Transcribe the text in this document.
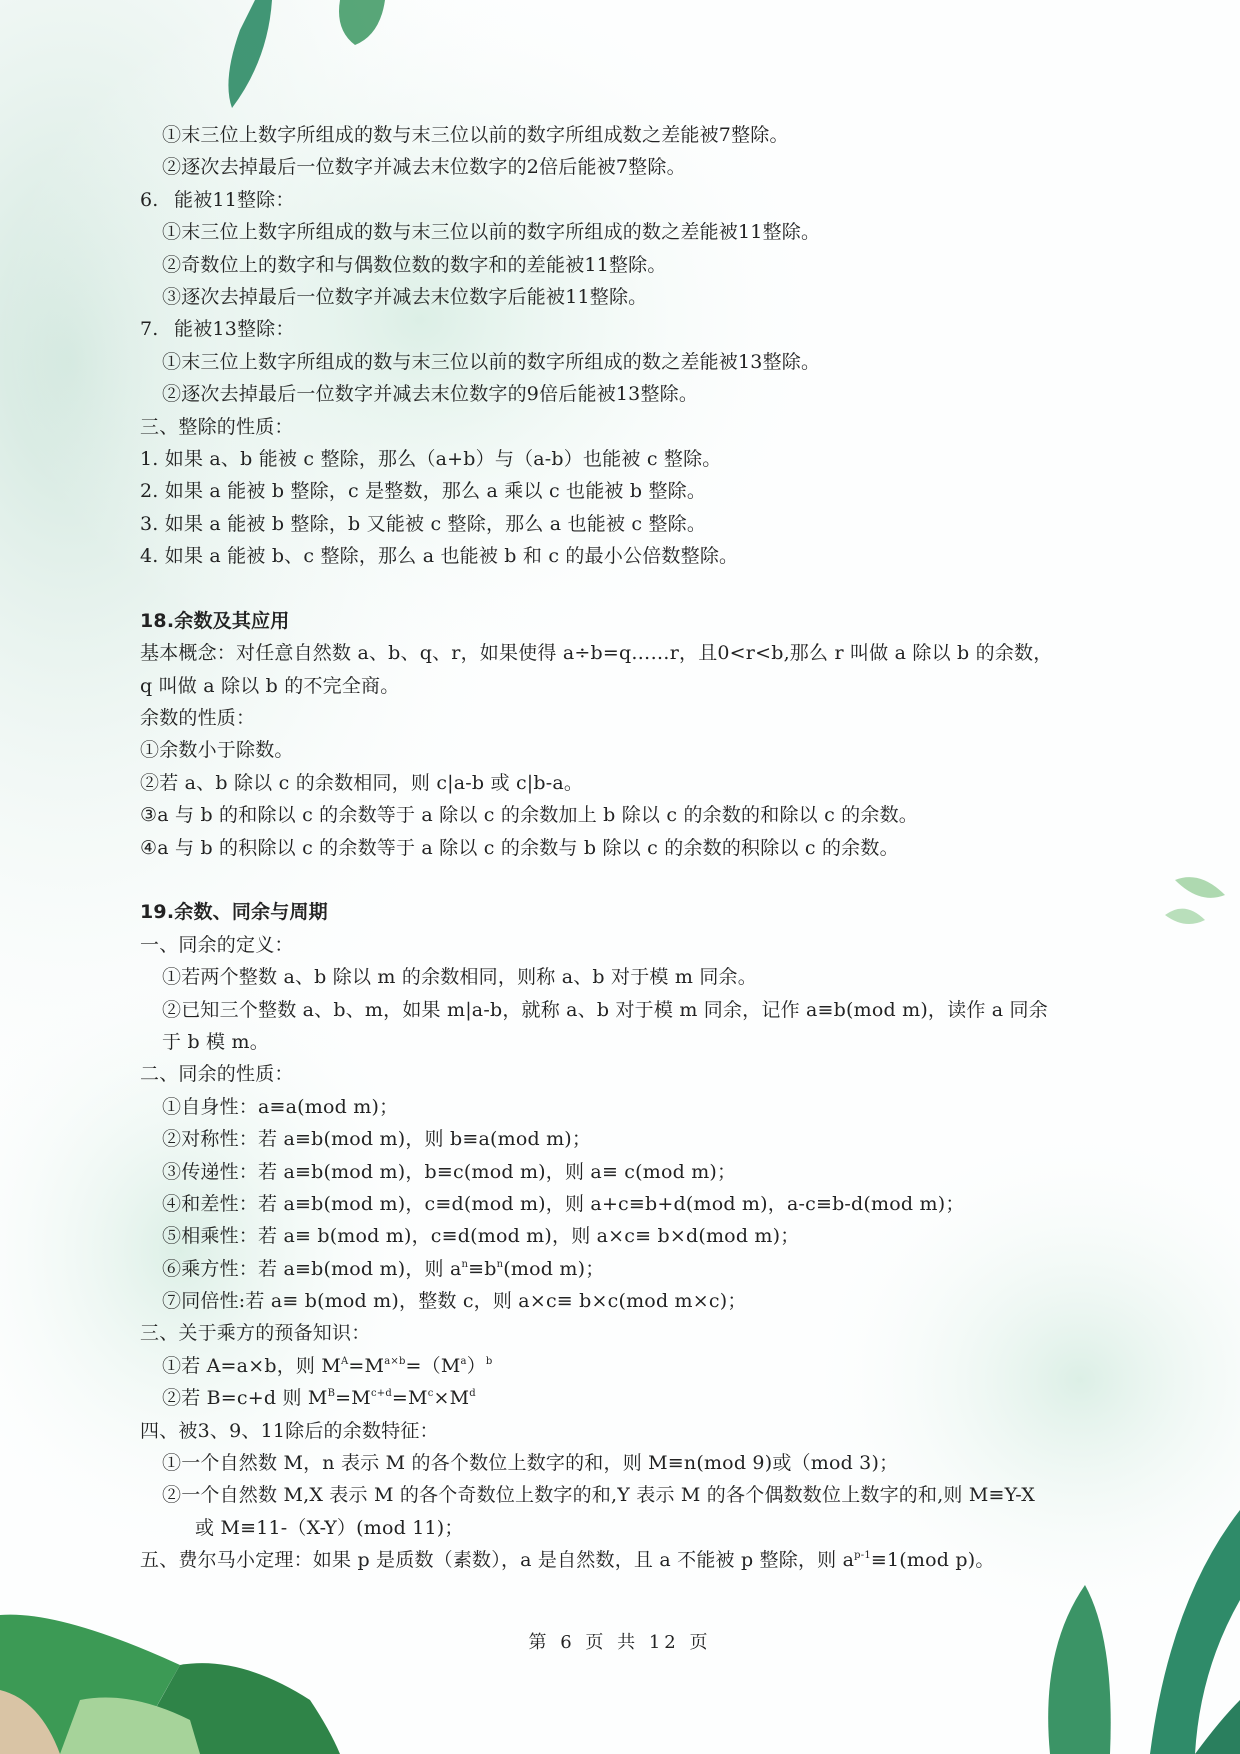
①末三位上数字所组成的数与末三位以前的数字所组成数之差能被7整除。
②逐次去掉最后一位数字并减去末位数字的2倍后能被7整除。
6. 能被11整除：
①末三位上数字所组成的数与末三位以前的数字所组成的数之差能被11整除。
②奇数位上的数字和与偶数位数的数字和的差能被11整除。
③逐次去掉最后一位数字并减去末位数字后能被11整除。
7. 能被13整除：
①末三位上数字所组成的数与末三位以前的数字所组成的数之差能被13整除。
②逐次去掉最后一位数字并减去末位数字的9倍后能被13整除。
三、整除的性质：
1. 如果 a、b 能被 c 整除，那么（a+b）与（a-b）也能被 c 整除。
2. 如果 a 能被 b 整除，c 是整数，那么 a 乘以 c 也能被 b 整除。
3. 如果 a 能被 b 整除，b 又能被 c 整除，那么 a 也能被 c 整除。
4. 如果 a 能被 b、c 整除，那么 a 也能被 b 和 c 的最小公倍数整除。
18.余数及其应用
基本概念：对任意自然数 a、b、q、r，如果使得 a÷b=q……r，且0<r<b,那么 r 叫做 a 除以 b 的余数，
q 叫做 a 除以 b 的不完全商。
余数的性质：
①余数小于除数。
②若 a、b 除以 c 的余数相同，则 c|a-b 或 c|b-a。
③a 与 b 的和除以 c 的余数等于 a 除以 c 的余数加上 b 除以 c 的余数的和除以 c 的余数。
④a 与 b 的积除以 c 的余数等于 a 除以 c 的余数与 b 除以 c 的余数的积除以 c 的余数。
19.余数、同余与周期
一、同余的定义：
①若两个整数 a、b 除以 m 的余数相同，则称 a、b 对于模 m 同余。
②已知三个整数 a、b、m，如果 m|a-b，就称 a、b 对于模 m 同余，记作 a≡b(mod m)，读作 a 同余
于 b 模 m。
二、同余的性质：
①自身性：a≡a(mod m)；
②对称性：若 a≡b(mod m)，则 b≡a(mod m)；
③传递性：若 a≡b(mod m)，b≡c(mod m)，则 a≡ c(mod m)；
④和差性：若 a≡b(mod m)，c≡d(mod m)，则 a+c≡b+d(mod m)，a-c≡b-d(mod m)；
⑤相乘性：若 a≡ b(mod m)，c≡d(mod m)，则 a×c≡ b×d(mod m)；
⑥乘方性：若 a≡b(mod m)，则 $a^n\equiv b^n(mod$ m)；
⑦同倍性:若 a≡ b(mod m)，整数 c，则 a×c≡ b×c(mod m×c)；
三、关于乘方的预备知识：
①若 A=a×b，则 $M^A=M^{a\times b}=(M^a)^b$
②若 B=c+d 则 $M^B=M^{c+d}=M^c\times M^d$
四、被3、9、11除后的余数特征：
①一个自然数 M，n 表示 M 的各个数位上数字的和，则 M≡n(mod 9)或（mod 3)；
②一个自然数 M,X 表示 M 的各个奇数位上数字的和,Y 表示 M 的各个偶数数位上数字的和,则 M≡Y-X
或 M≡11-（X-Y）(mod 11)；
五、费尔马小定理：如果 p 是质数（素数），a 是自然数，且 a 不能被 p 整除，则 $a^{p-1}\equiv 1(mod$ p)。
第 6 页 共 12 页
